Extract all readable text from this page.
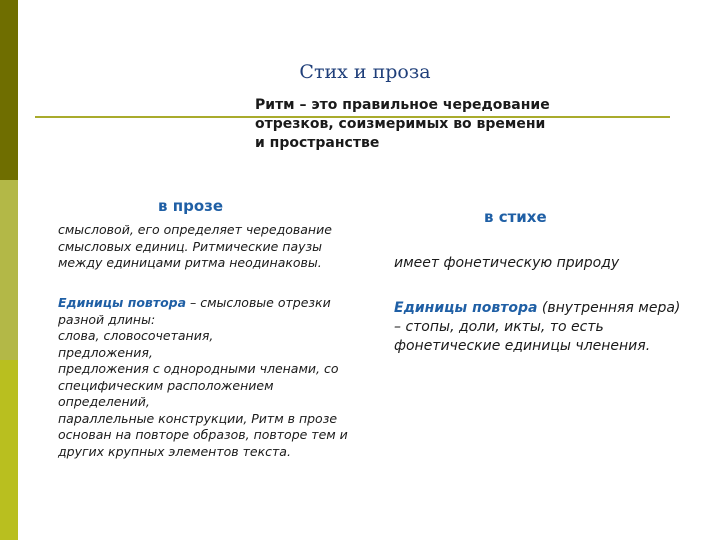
Стих и проза
Ритм – это правильное чередование отрезков, соизмеримых во времени и пространстве
в прозе
в стихе
смысловой, его определяет чередование смысловых единиц. Ритмические паузы между единицами ритма неодинаковы.	имеет фонетическую природу
Единицы повтора – смысловые отрезки разной длины:
слова, словосочетания,
предложения,
предложения с однородными членами, со специфическим расположением определений,
параллельные конструкции, Ритм в прозе основан на повторе образов, повторе тем и других крупных элементов текста.
Единицы повтора (внутренняя мера) – стопы, доли, икты, то есть фонетические единицы членения.
